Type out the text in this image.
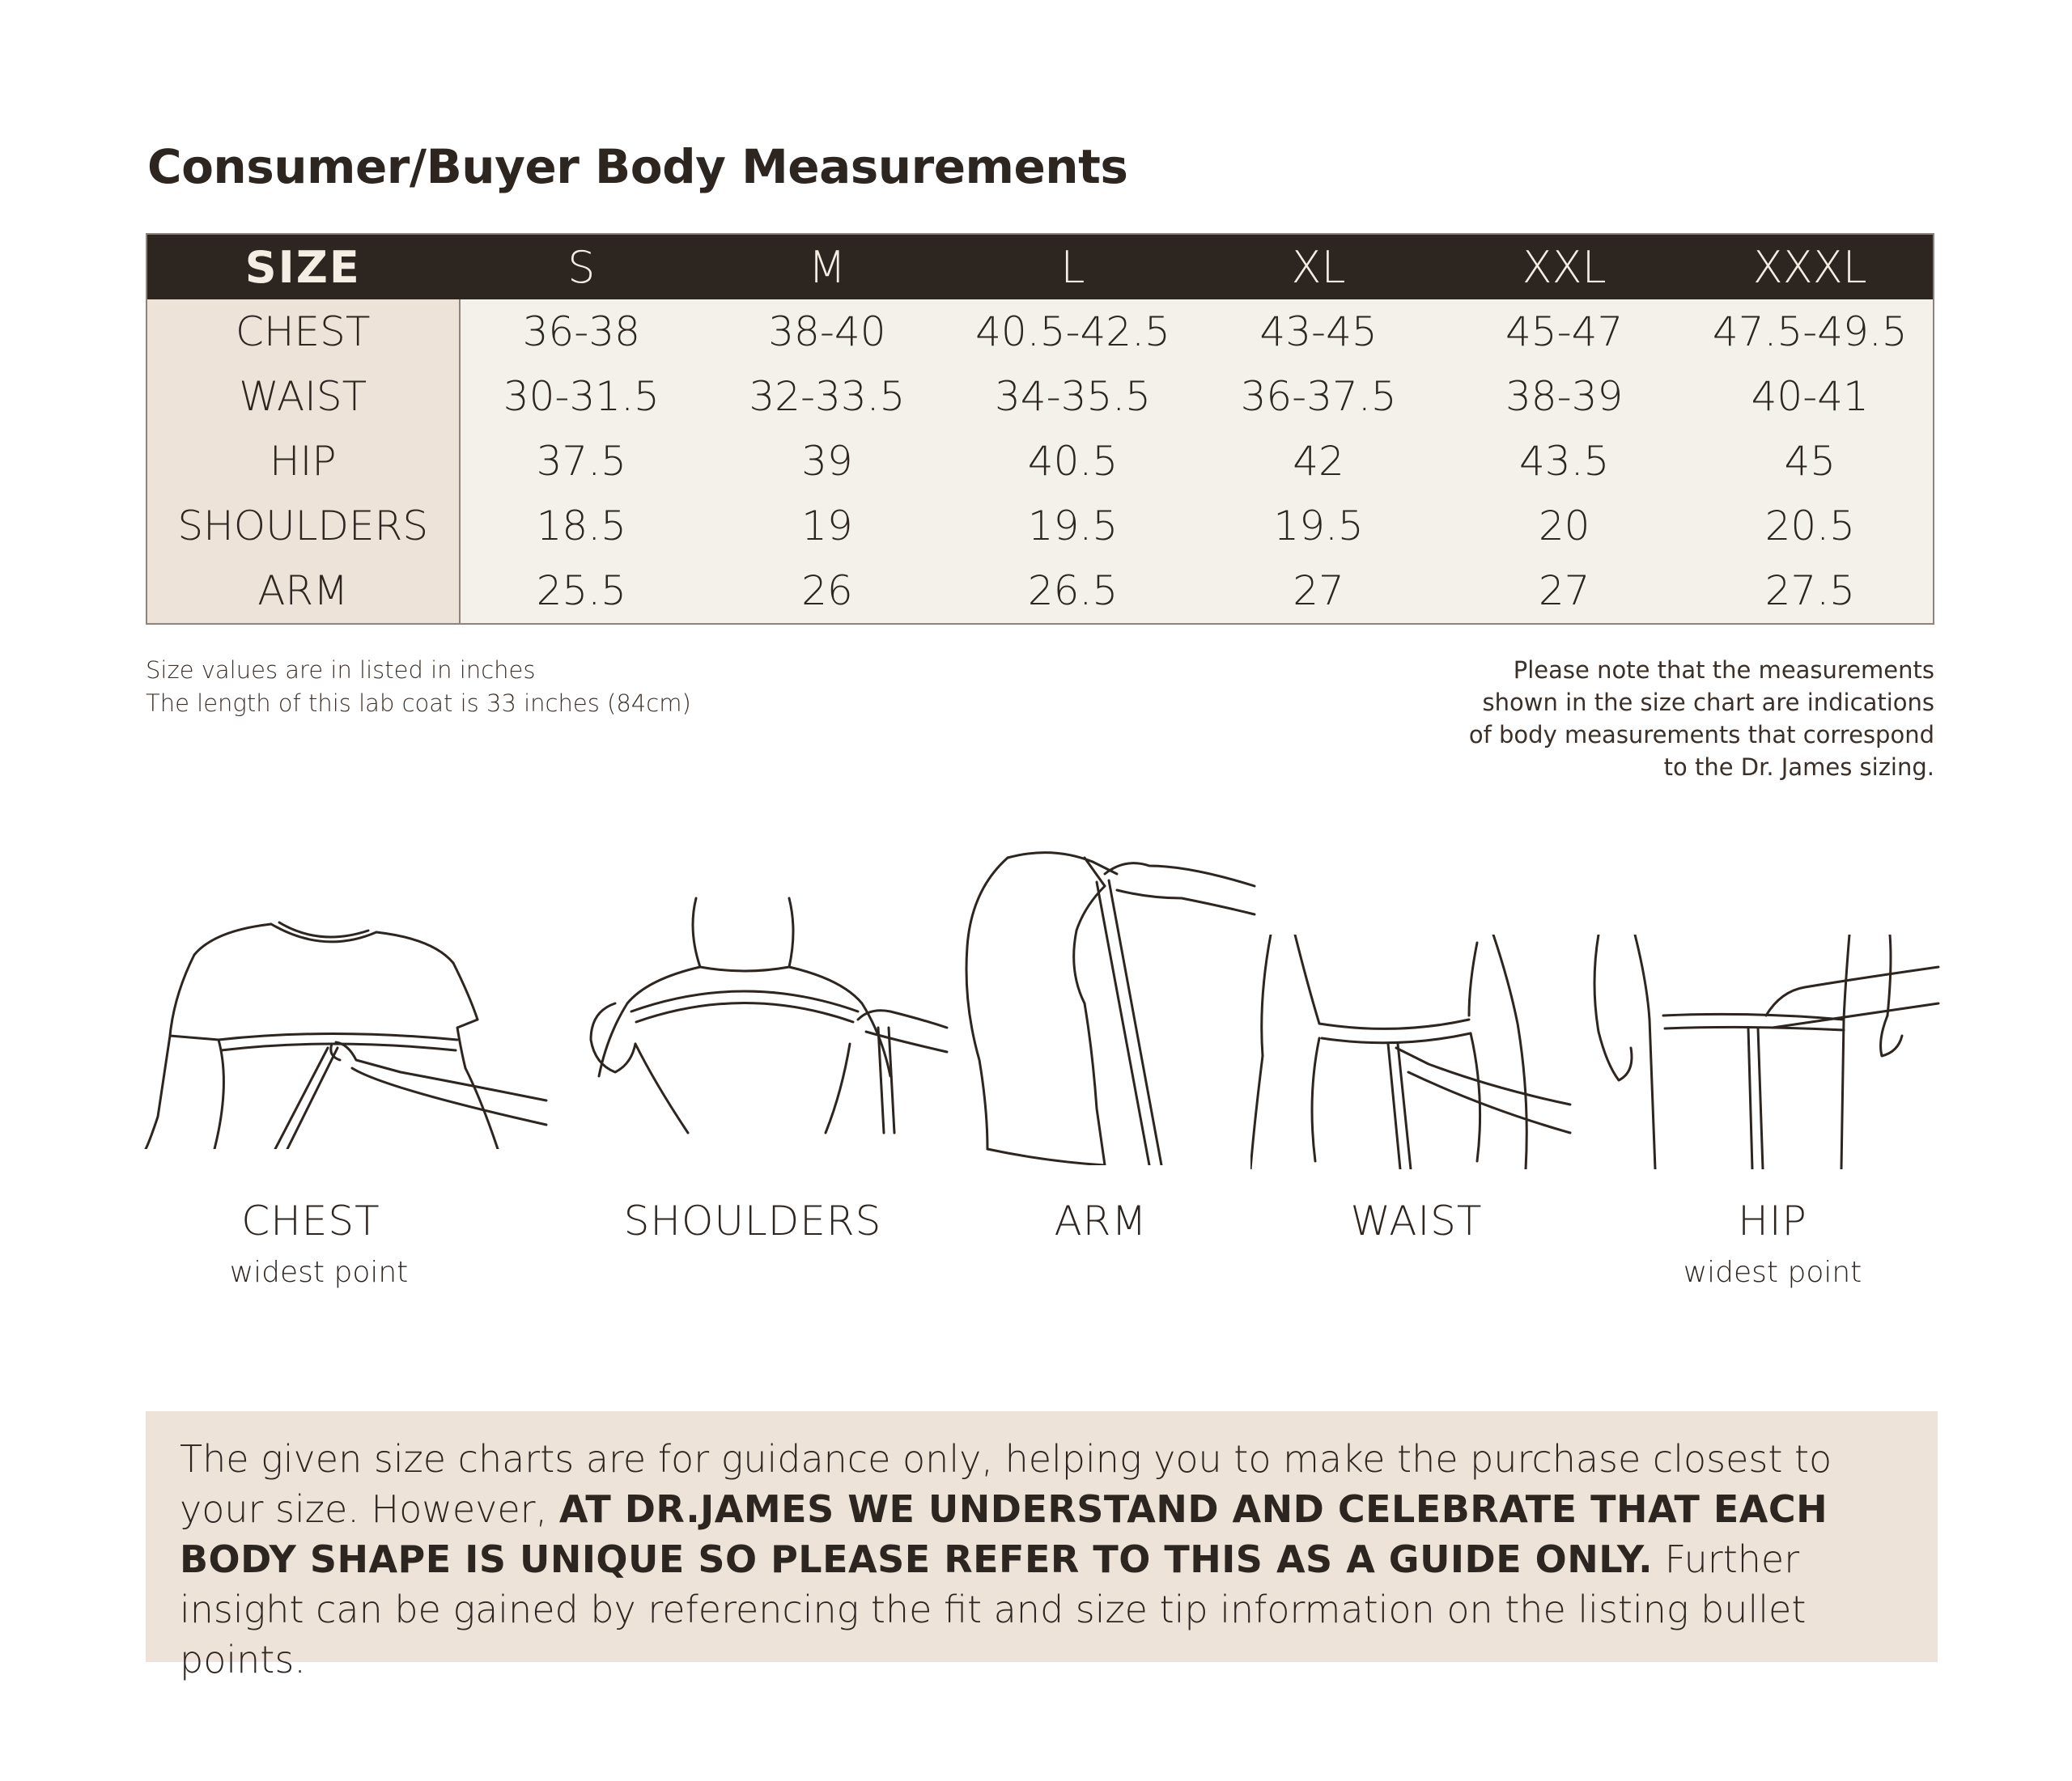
Consumer/Buyer Body Measurements
SIZE	S	M	L	XL	XXL	XXXL
CHEST	36-38	38-40	40.5-42.5	43-45	45-47	47.5-49.5
WAIST	30-31.5	32-33.5	34-35.5	36-37.5	38-39	40-41
HIP	37.5	39	40.5	42	43.5	45
SHOULDERS	18.5	19	19.5	19.5	20	20.5
ARM	25.5	26	26.5	27	27	27.5
Size values are in listed in inches
The length of this lab coat is 33 inches (84cm)
Please note that the measurements
shown in the size chart are indications
of body measurements that correspond
to the Dr. James sizing.
CHEST
widest point
SHOULDERS	ARM	WAIST	HIP
widest point

The given size charts are for guidance only, helping you to make the purchase closest to your size. However, AT DR.JAMES WE UNDERSTAND AND CELEBRATE THAT EACH BODY SHAPE IS UNIQUE SO PLEASE REFER TO THIS AS A GUIDE ONLY. Further insight can be gained by referencing the fit and size tip information on the listing bullet points.
